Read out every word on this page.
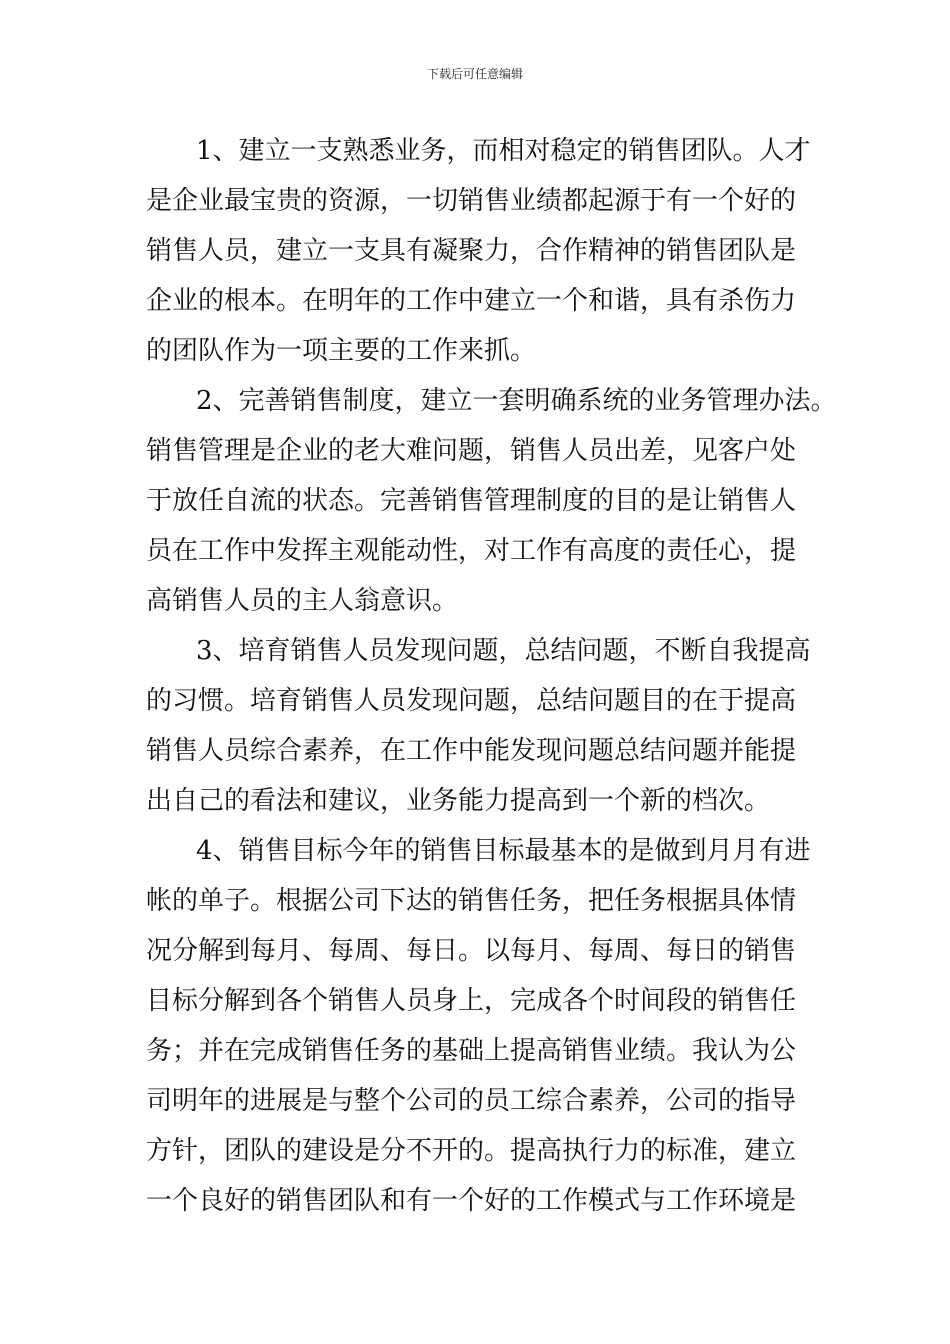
下载后可任意编辑
1、建立一支熟悉业务，而相对稳定的销售团队。人才
是企业最宝贵的资源，一切销售业绩都起源于有一个好的
销售人员，建立一支具有凝聚力，合作精神的销售团队是
企业的根本。在明年的工作中建立一个和谐，具有杀伤力
的团队作为一项主要的工作来抓。
2、完善销售制度，建立一套明确系统的业务管理办法。
销售管理是企业的老大难问题，销售人员出差，见客户处
于放任自流的状态。完善销售管理制度的目的是让销售人
员在工作中发挥主观能动性，对工作有高度的责任心，提
高销售人员的主人翁意识。
3、培育销售人员发现问题，总结问题，不断自我提高
的习惯。培育销售人员发现问题，总结问题目的在于提高
销售人员综合素养，在工作中能发现问题总结问题并能提
出自己的看法和建议，业务能力提高到一个新的档次。
4、销售目标今年的销售目标最基本的是做到月月有进
帐的单子。根据公司下达的销售任务，把任务根据具体情
况分解到每月、每周、每日。以每月、每周、每日的销售
目标分解到各个销售人员身上，完成各个时间段的销售任
务；并在完成销售任务的基础上提高销售业绩。我认为公
司明年的进展是与整个公司的员工综合素养，公司的指导
方针，团队的建设是分不开的。提高执行力的标准，建立
一个良好的销售团队和有一个好的工作模式与工作环境是
